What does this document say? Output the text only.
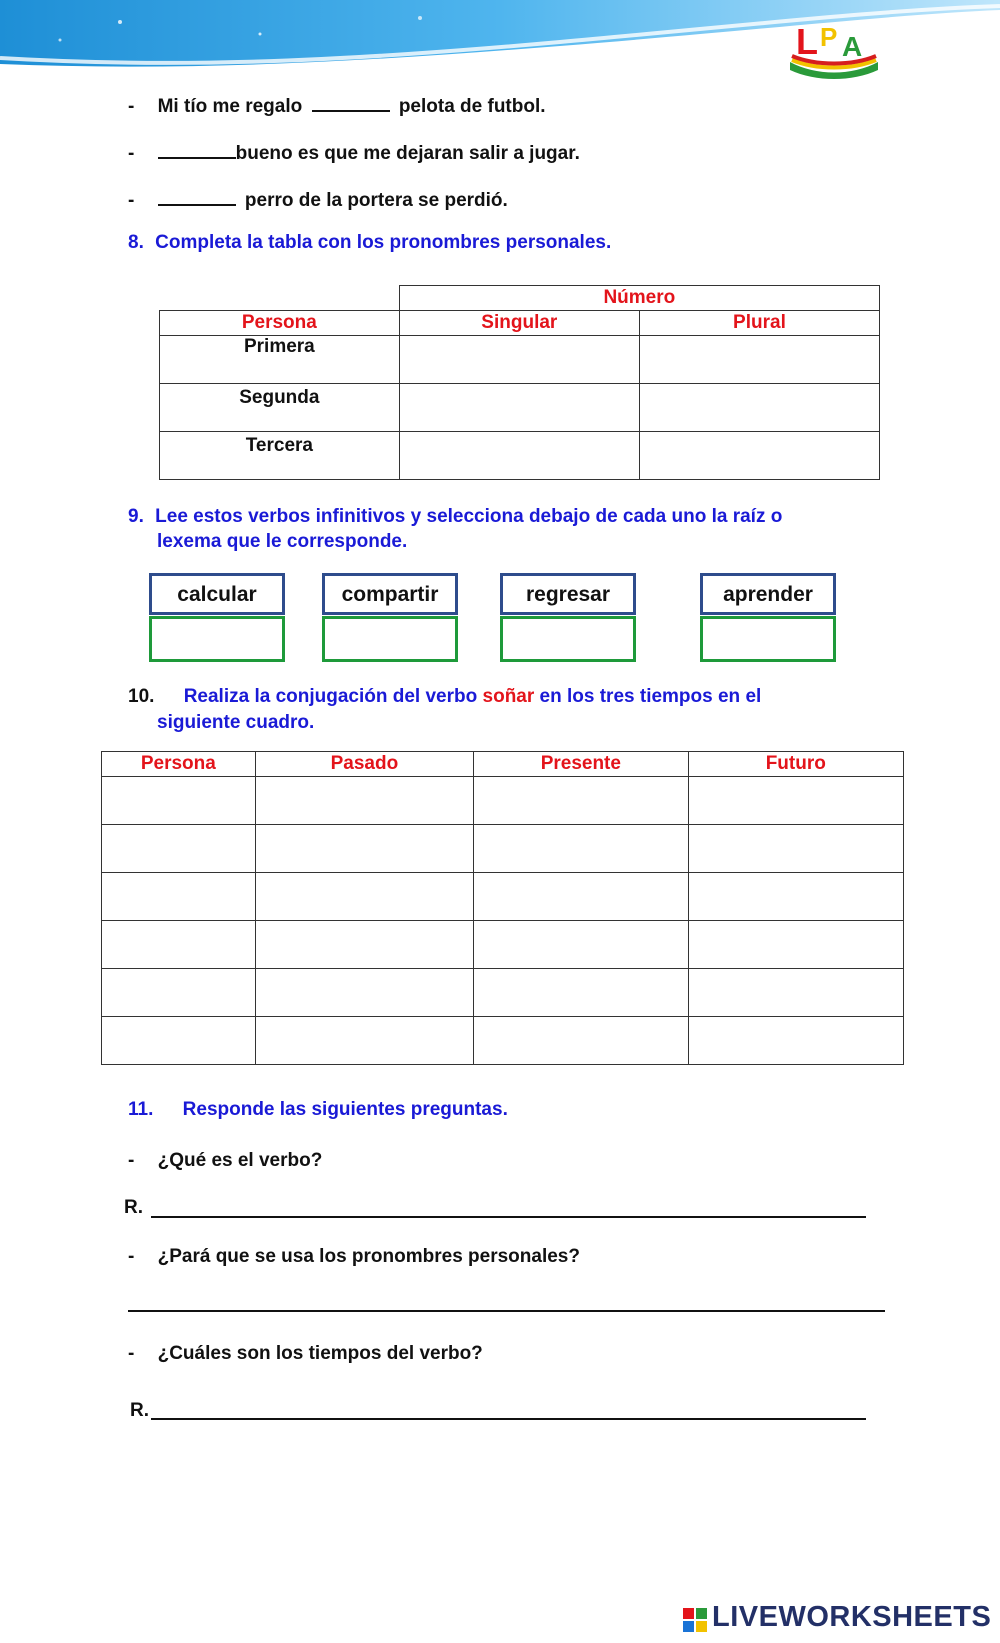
L P A
- Mi tío me regalo	pelota de futbol.
-	bueno es que me dejaran salir a jugar.
-	perro de la portera se perdió.
8. Completa la tabla con los pronombres personales.
	Número	
Persona	Singular	Plural
Primera		
Segunda		
Tercera		
9. Lee estos verbos infinitivos y selecciona debajo de cada uno la raíz o
lexema que le corresponde.
calcular	compartir	regresar	aprender
10. Realiza la conjugación del verbo soñar en los tres tiempos en el
siguiente cuadro.
Persona	Pasado	Presente	Futuro

11. Responde las siguientes preguntas.
- ¿Qué es el verbo?
R.
- ¿Pará que se usa los pronombres personales?
- ¿Cuáles son los tiempos del verbo?
R.
LIVEWORKSHEETS
